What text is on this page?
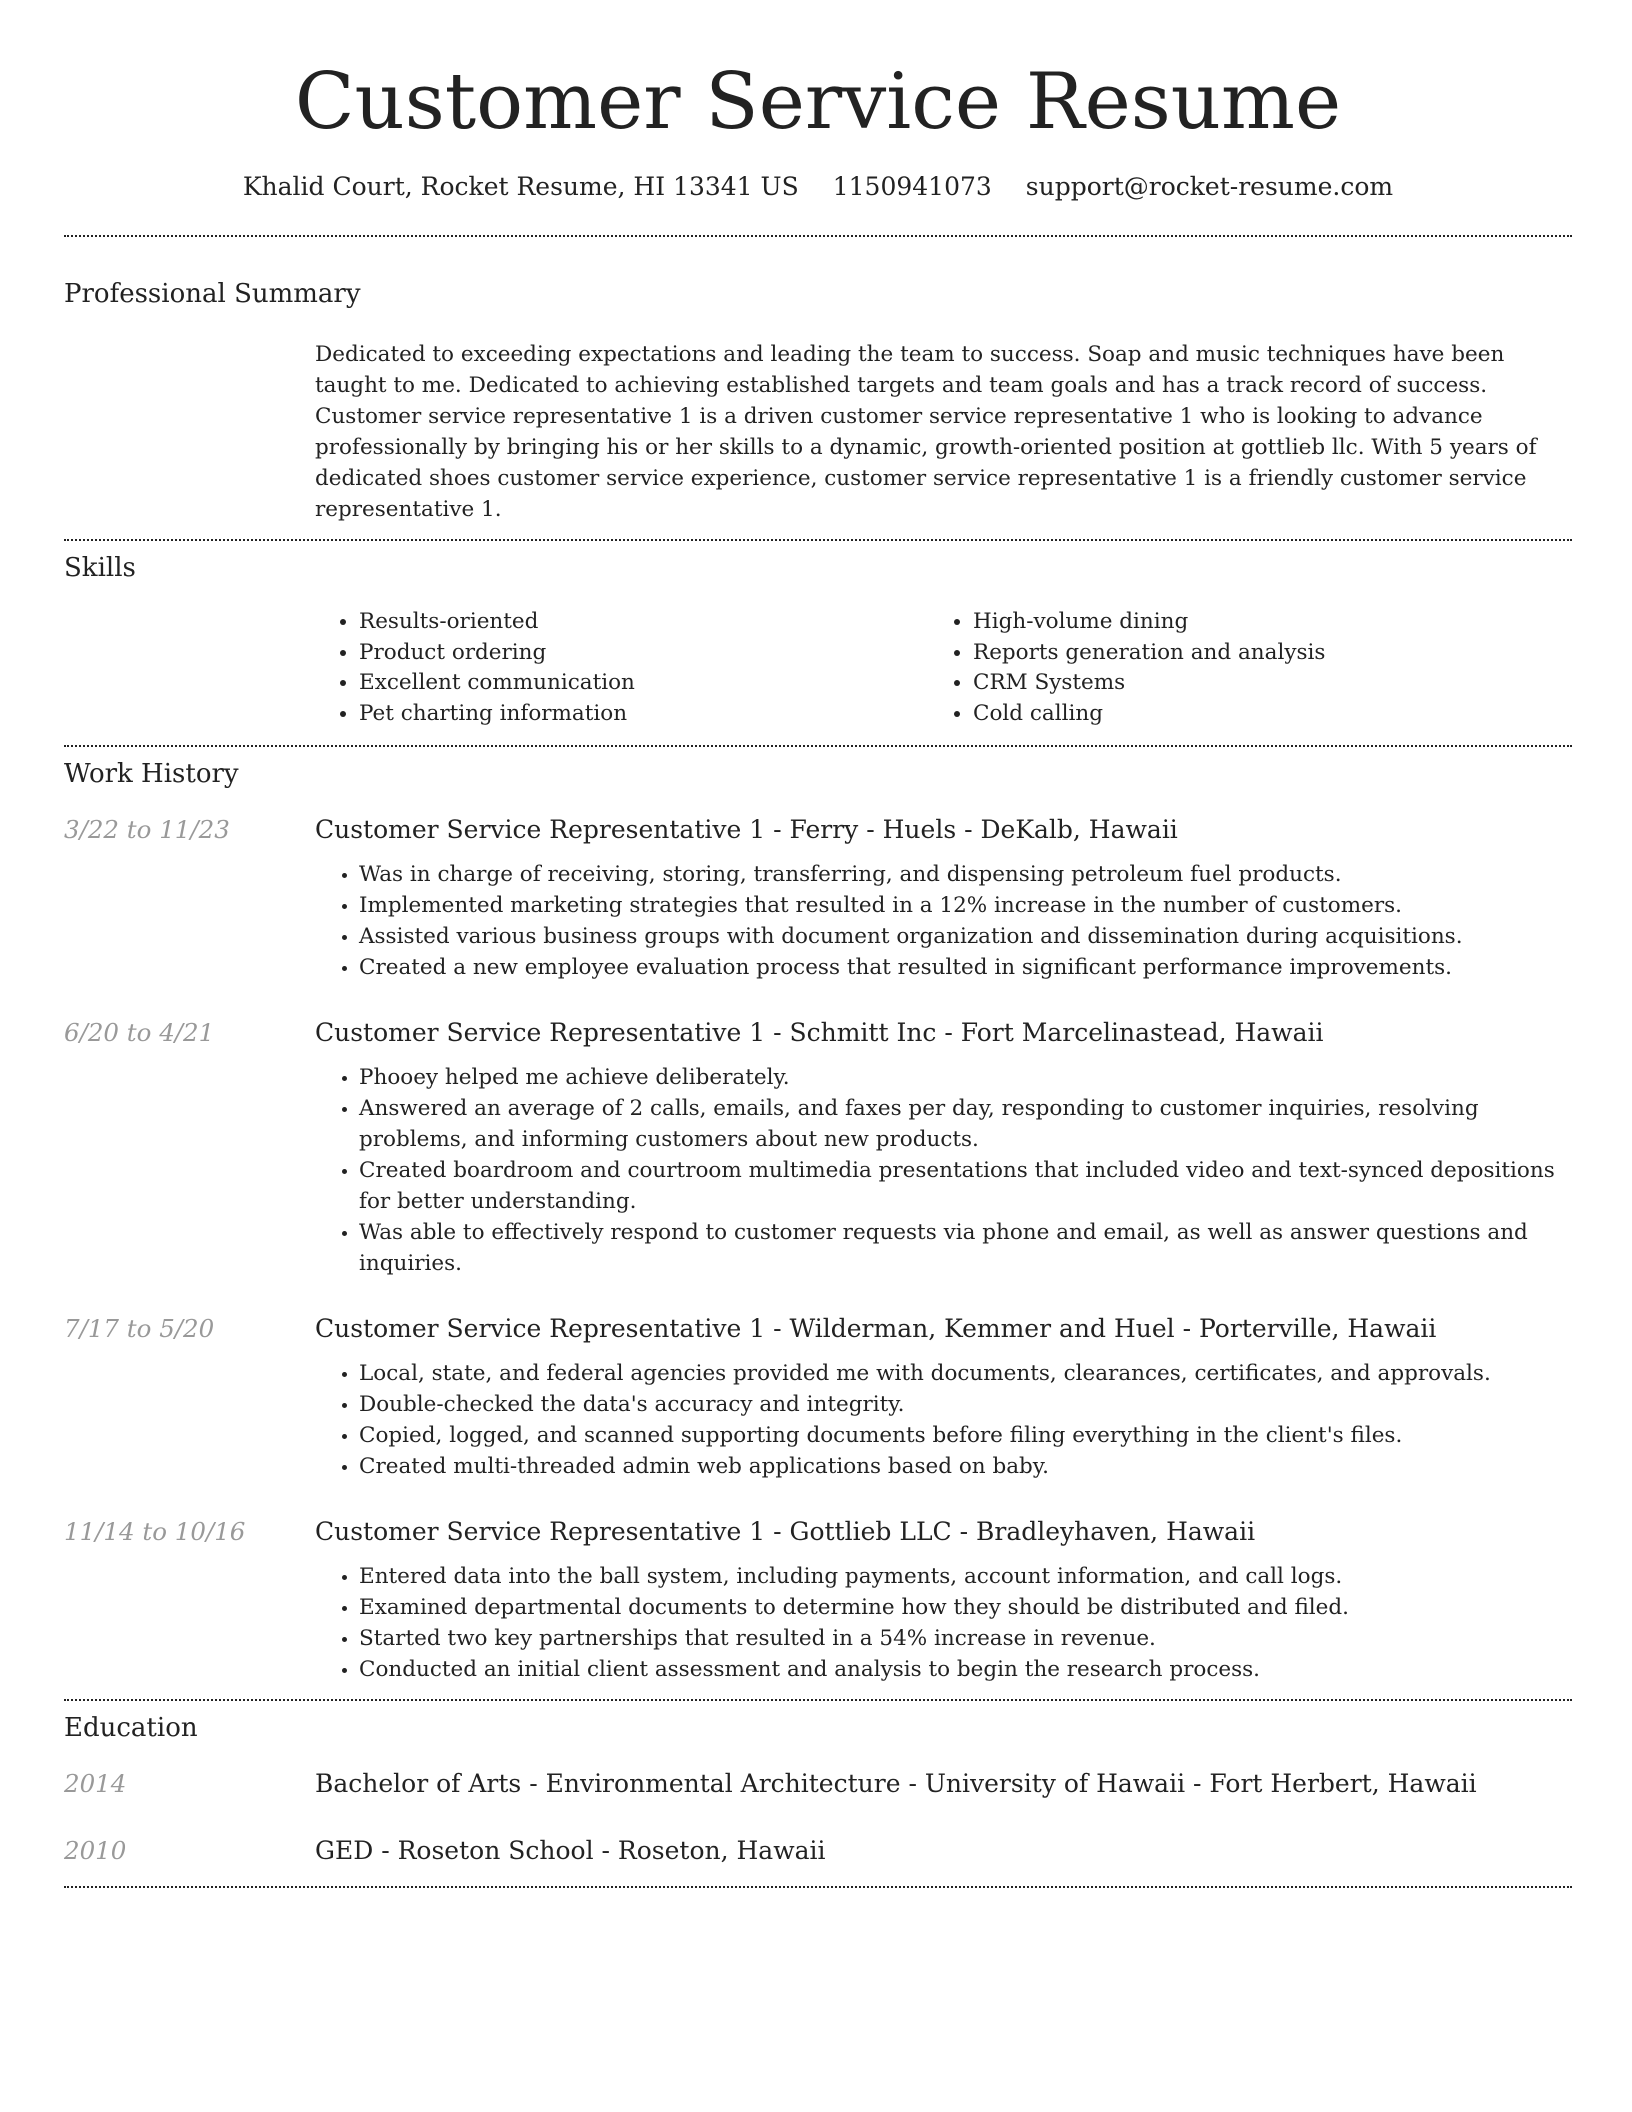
Customer Service Resume
Khalid Court, Rocket Resume, HI 13341 US 1150941073 support@rocket-resume.com
Professional Summary
Dedicated to exceeding expectations and leading the team to success. Soap and music techniques have been taught to me. Dedicated to achieving established targets and team goals and has a track record of success. Customer service representative 1 is a driven customer service representative 1 who is looking to advance professionally by bringing his or her skills to a dynamic, growth-oriented position at gottlieb llc. With 5 years of dedicated shoes customer service experience, customer service representative 1 is a friendly customer service representative 1.
Skills
• Results-oriented
• Product ordering
• Excellent communication
• Pet charting information
• High-volume dining
• Reports generation and analysis
• CRM Systems
• Cold calling
Work History
3/22 to 11/23	Customer Service Representative 1 - Ferry - Huels - DeKalb, Hawaii
• Was in charge of receiving, storing, transferring, and dispensing petroleum fuel products.
• Implemented marketing strategies that resulted in a 12% increase in the number of customers.
• Assisted various business groups with document organization and dissemination during acquisitions.
• Created a new employee evaluation process that resulted in significant performance improvements.
6/20 to 4/21	Customer Service Representative 1 - Schmitt Inc - Fort Marcelinastead, Hawaii
• Phooey helped me achieve deliberately.
• Answered an average of 2 calls, emails, and faxes per day, responding to customer inquiries, resolving problems, and informing customers about new products.
• Created boardroom and courtroom multimedia presentations that included video and text-synced depositions for better understanding.
• Was able to effectively respond to customer requests via phone and email, as well as answer questions and inquiries.
7/17 to 5/20	Customer Service Representative 1 - Wilderman, Kemmer and Huel - Porterville, Hawaii
• Local, state, and federal agencies provided me with documents, clearances, certificates, and approvals.
• Double-checked the data's accuracy and integrity.
• Copied, logged, and scanned supporting documents before filing everything in the client's files.
• Created multi-threaded admin web applications based on baby.
11/14 to 10/16	Customer Service Representative 1 - Gottlieb LLC - Bradleyhaven, Hawaii
• Entered data into the ball system, including payments, account information, and call logs.
• Examined departmental documents to determine how they should be distributed and filed.
• Started two key partnerships that resulted in a 54% increase in revenue.
• Conducted an initial client assessment and analysis to begin the research process.
Education
2014	Bachelor of Arts - Environmental Architecture - University of Hawaii - Fort Herbert, Hawaii
2010	GED - Roseton School - Roseton, Hawaii
